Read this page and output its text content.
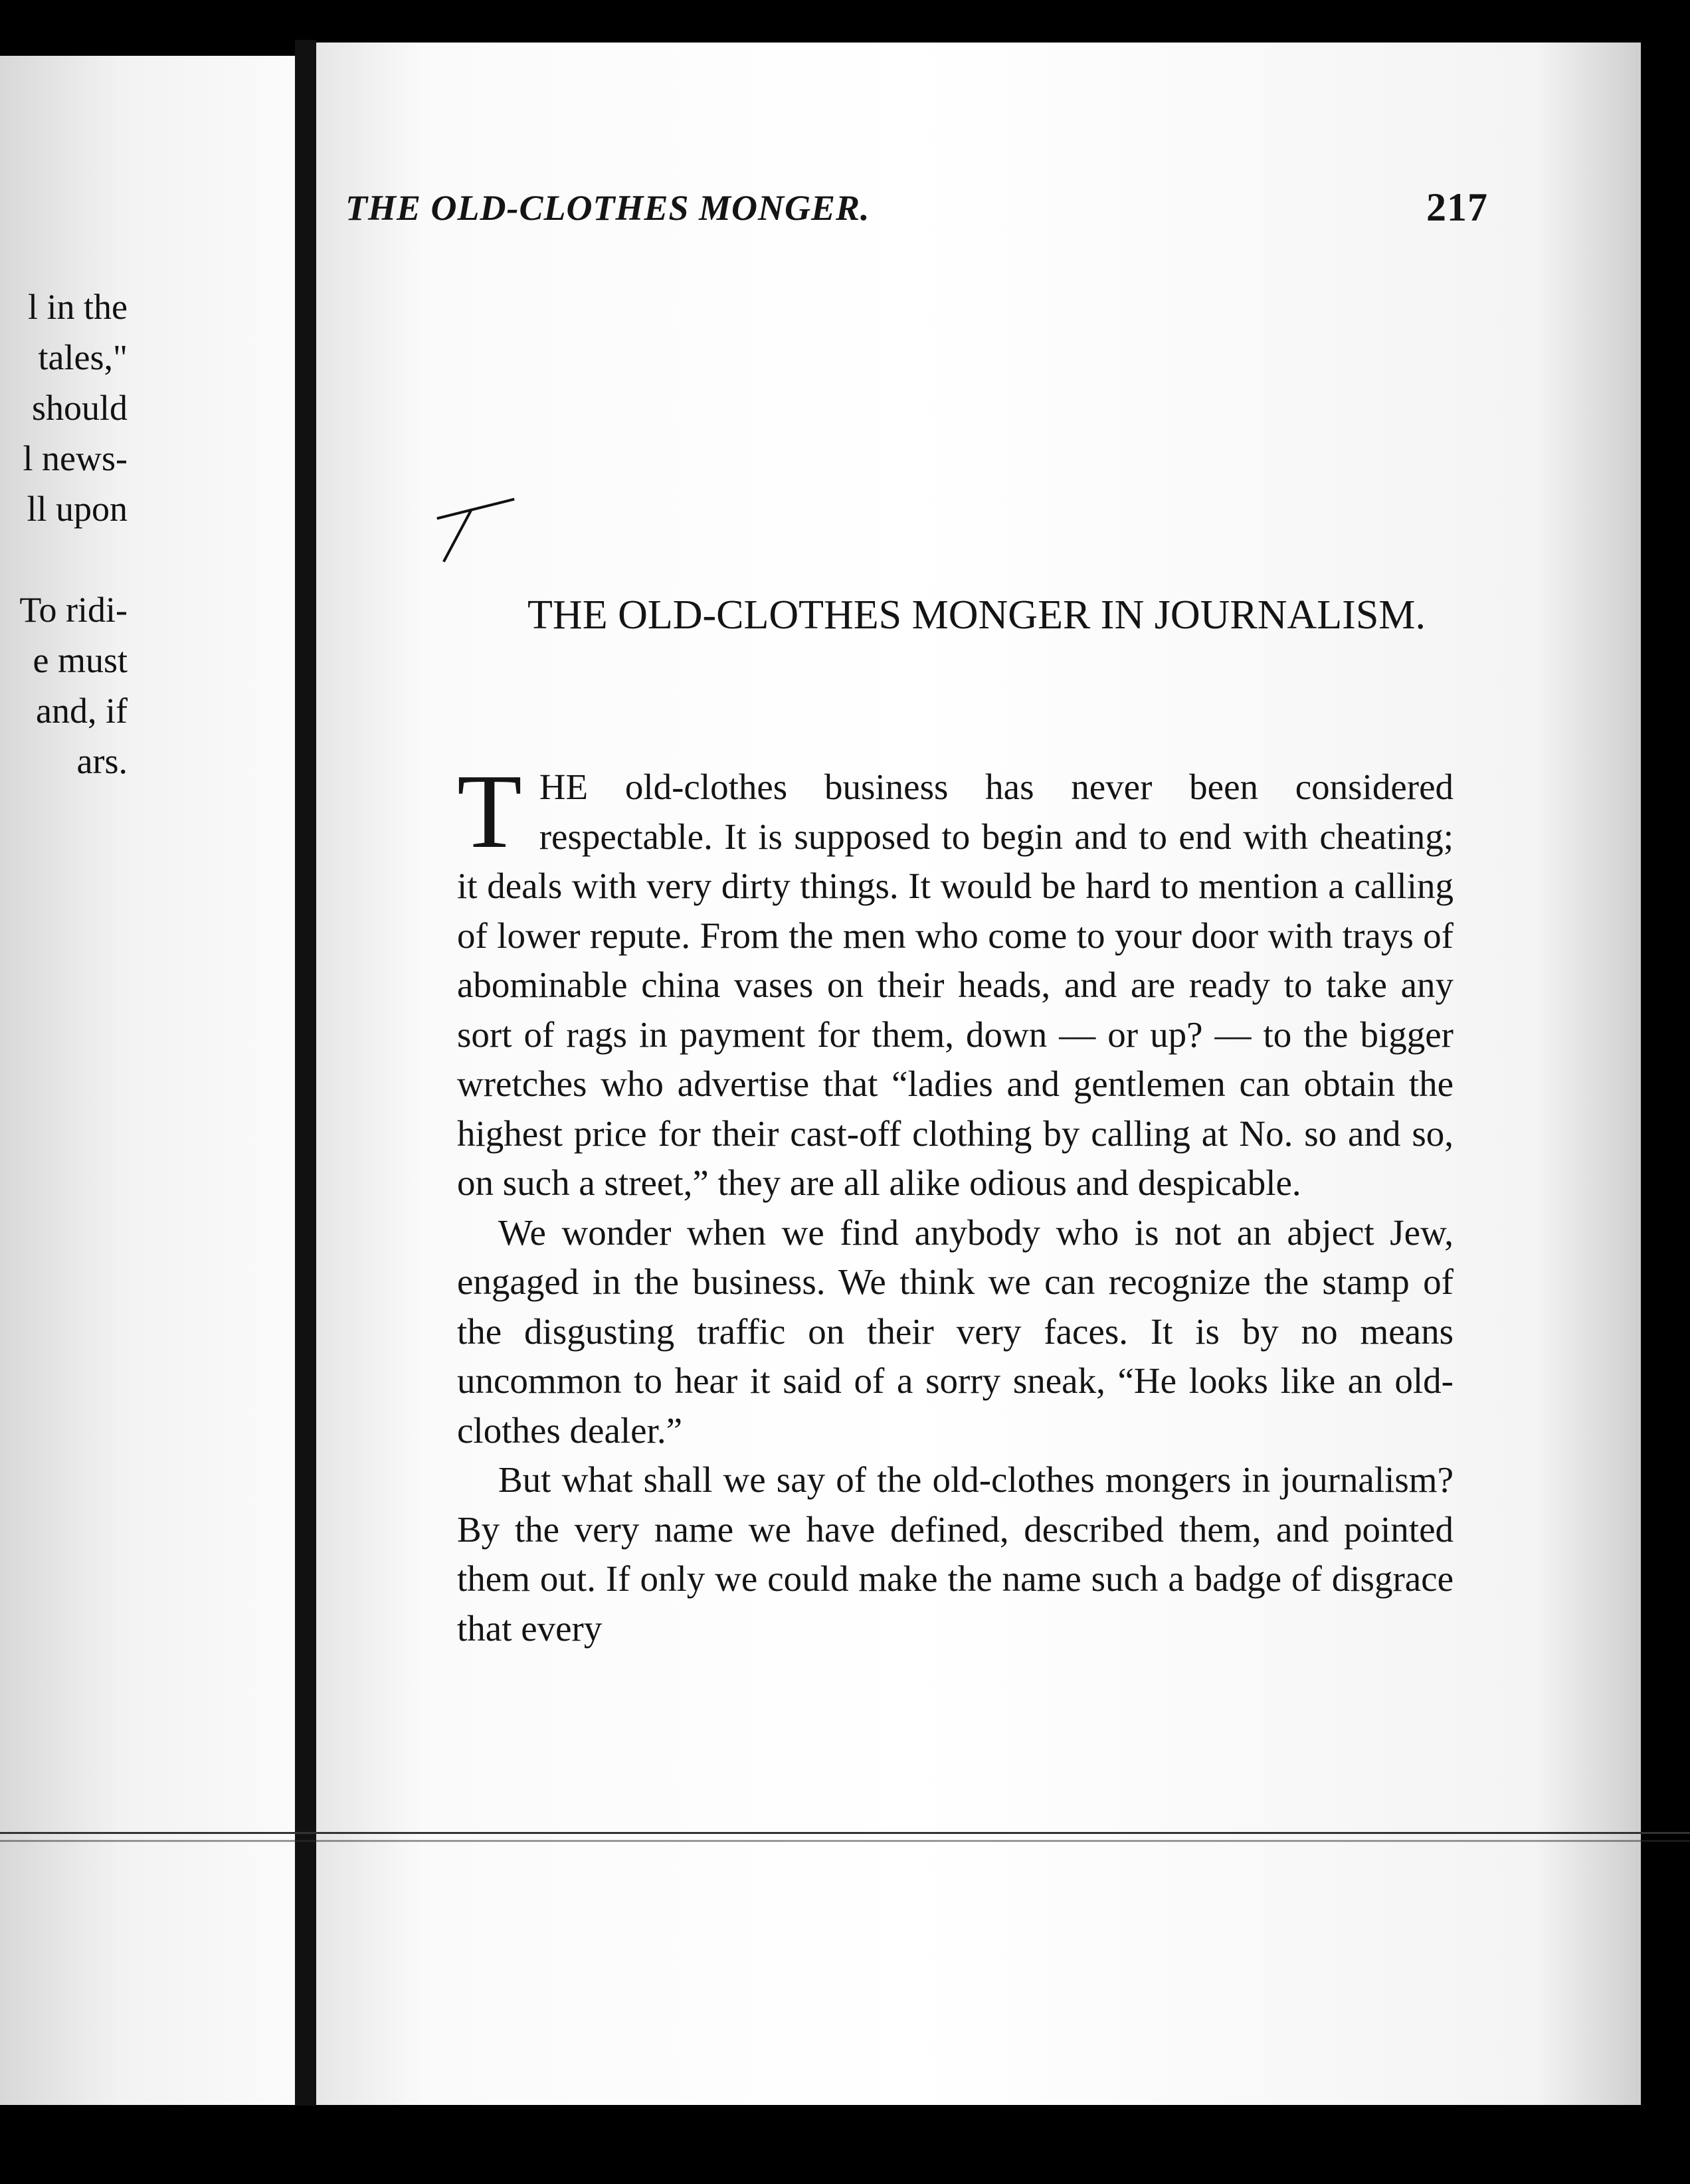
l in the

tales,"

should

l news-

ll upon

To ridi-

e must

and, if

ars.

THE OLD-CLOTHES MONGER.	217
THE OLD-CLOTHES MONGER IN JOURNALISM.

THE old-clothes business has never been considered respectable. It is supposed to begin and to end with cheating; it deals with very dirty things. It would be hard to mention a calling of lower repute. From the men who come to your door with trays of abominable china vases on their heads, and are ready to take any sort of rags in payment for them, down — or up? — to the bigger wretches who advertise that “ladies and gentlemen can obtain the highest price for their cast-off clothing by calling at No. so and so, on such a street,” they are all alike odious and despicable.

We wonder when we find anybody who is not an abject Jew, engaged in the business. We think we can recognize the stamp of the disgusting traffic on their very faces. It is by no means uncommon to hear it said of a sorry sneak, “He looks like an old-clothes dealer.”

But what shall we say of the old-clothes mongers in journalism? By the very name we have defined, described them, and pointed them out. If only we could make the name such a badge of disgrace that every
